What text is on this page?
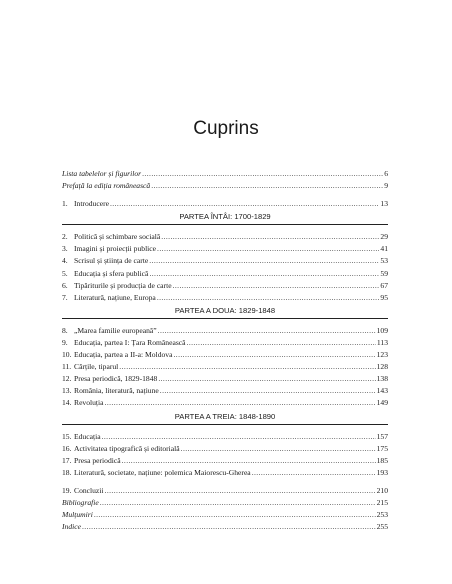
Cuprins
Lista tabelelor și figurilor .....	6
Prefață la ediția românească .....	9
1. Introducere .....	13
PARTEA ÎNTÂI: 1700-1829
2. Politică și schimbare socială .....	29
3. Imagini și proiecții publice .....	41
4. Scrisul și știința de carte .....	53
5. Educația și sfera publică .....	59
6. Tipăriturile și producția de carte .....	67
7. Literatură, națiune, Europa .....	95
PARTEA A DOUA: 1829-1848
8. „Marea familie europeană” .....	109
9. Educația, partea I: Țara Românească .....	113
10. Educația, partea a II-a: Moldova .....	123
11. Cărțile, tiparul .....	128
12. Presa periodică, 1829-1848 .....	138
13. România, literatură, națiune .....	143
14. Revoluția .....	149
PARTEA A TREIA: 1848-1890
15. Educația .....	157
16. Activitatea tipografică și editorială .....	175
17. Presa periodică .....	185
18. Literatură, societate, națiune: polemica Maiorescu-Gherea .....	193
19. Concluzii .....	210
Bibliografie .....	215
Mulțumiri .....	253
Indice .....	255
